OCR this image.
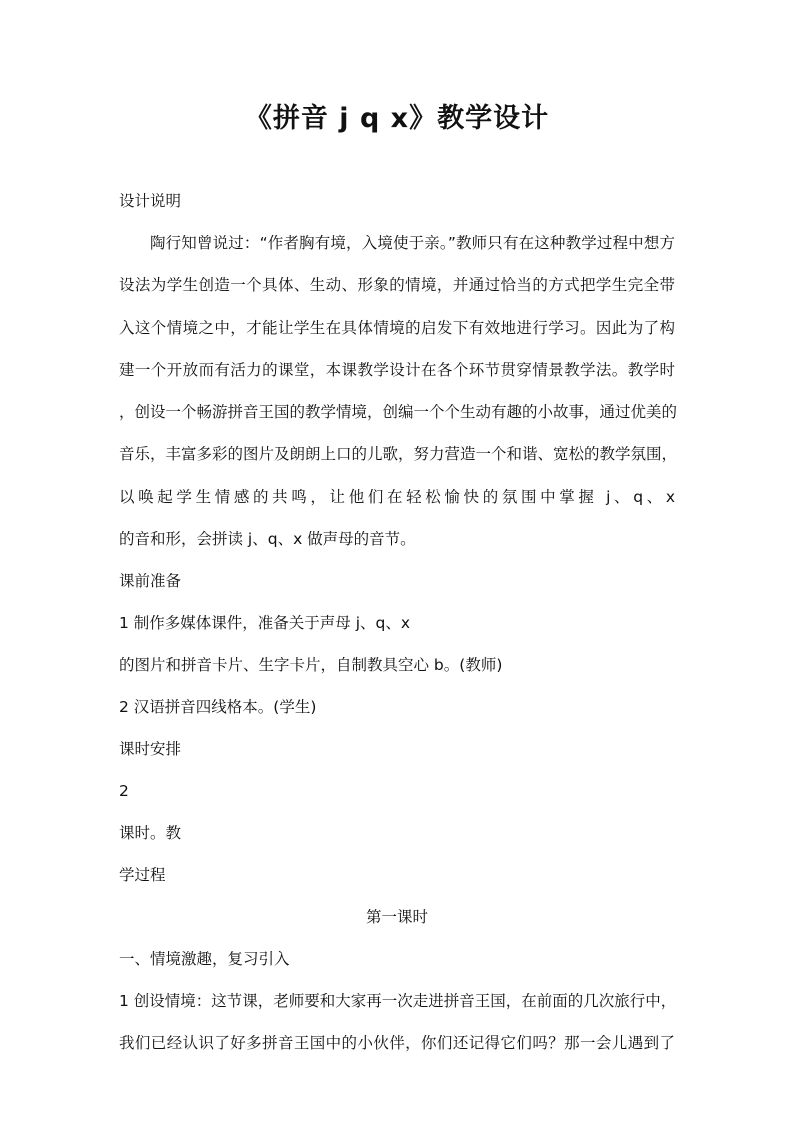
《拼音 j q x》教学设计
设计说明
陶行知曾说过：“作者胸有境，入境使于亲。”教师只有在这种教学过程中想方
设法为学生创造一个具体、生动、形象的情境，并通过恰当的方式把学生完全带
入这个情境之中，才能让学生在具体情境的启发下有效地进行学习。因此为了构
建一个开放而有活力的课堂，本课教学设计在各个环节贯穿情景教学法。教学时
，创设一个畅游拼音王国的教学情境，创编一个个生动有趣的小故事，通过优美的
音乐，丰富多彩的图片及朗朗上口的儿歌，努力营造一个和谐、宽松的教学氛围，
以唤起学生情感的共鸣，让他们在轻松愉快的氛围中掌握 j、q、x
的音和形，会拼读 j、q、x 做声母的音节。
课前准备
1 制作多媒体课件，准备关于声母 j、q、x
的图片和拼音卡片、生字卡片，自制教具空心 b。(教师)
2 汉语拼音四线格本。(学生)
课时安排
2
课时。教
学过程
第一课时
一、情境激趣，复习引入
1 创设情境：这节课，老师要和大家再一次走进拼音王国，在前面的几次旅行中，
我们已经认识了好多拼音王国中的小伙伴，你们还记得它们吗？那一会儿遇到了
